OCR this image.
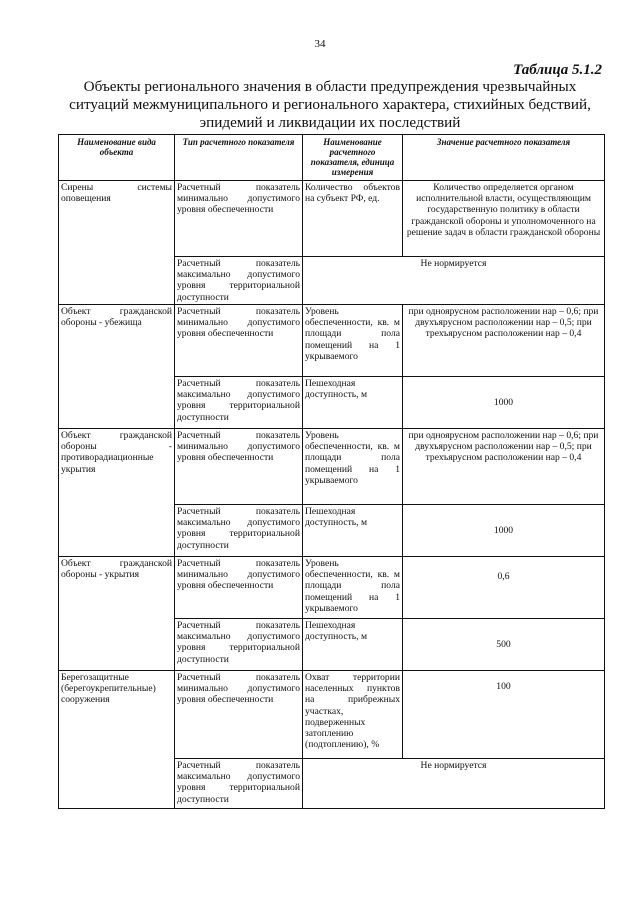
34
Таблица 5.1.2
Объекты регионального значения в области предупреждения чрезвычайных ситуаций межмуниципального и регионального характера, стихийных бедствий, эпидемий и ликвидации их последствий
Наименование вида объекта	Тип расчетного показателя	Наименование расчетного показателя, единица измерения	Значение расчетного показателя
Сирены системы оповещения	Расчетный показатель минимально допустимого уровня обеспеченности	Количество объектов на субъект РФ, ед.	Количество определяется органом исполнительной власти, осуществляющим государственную политику в области гражданской обороны и уполномоченного на решение задач в области гражданской обороны
	Расчетный показатель максимально допустимого уровня территориальной доступности	Не нормируется	
Объект гражданской обороны - убежища	Расчетный показатель минимально допустимого уровня обеспеченности	Уровень обеспеченности, кв. м площади пола помещений на 1 укрываемого	при одноярусном расположении нар – 0,6; при двухъярусном расположении нар – 0,5; при трехъярусном расположении нар – 0,4
	Расчетный показатель максимально допустимого уровня территориальной доступности	Пешеходная доступность, м	1000
Объект гражданской обороны - противорадиационные укрытия	Расчетный показатель минимально допустимого уровня обеспеченности	Уровень обеспеченности, кв. м площади пола помещений на 1 укрываемого	при одноярусном расположении нар – 0,6; при двухъярусном расположении нар – 0,5; при трехъярусном расположении нар – 0,4
	Расчетный показатель максимально допустимого уровня территориальной доступности	Пешеходная доступность, м	1000
Объект гражданской обороны - укрытия	Расчетный показатель минимально допустимого уровня обеспеченности	Уровень обеспеченности, кв. м площади пола помещений на 1 укрываемого	0,6
	Расчетный показатель максимально допустимого уровня территориальной доступности	Пешеходная доступность, м	500
Берегозащитные (берегоукрепительные) сооружения	Расчетный показатель минимально допустимого уровня обеспеченности	Охват территории населенных пунктов на прибрежных участках, подверженных затоплению (подтоплению), %	100
	Расчетный показатель максимально допустимого уровня территориальной доступности	Не нормируется	
